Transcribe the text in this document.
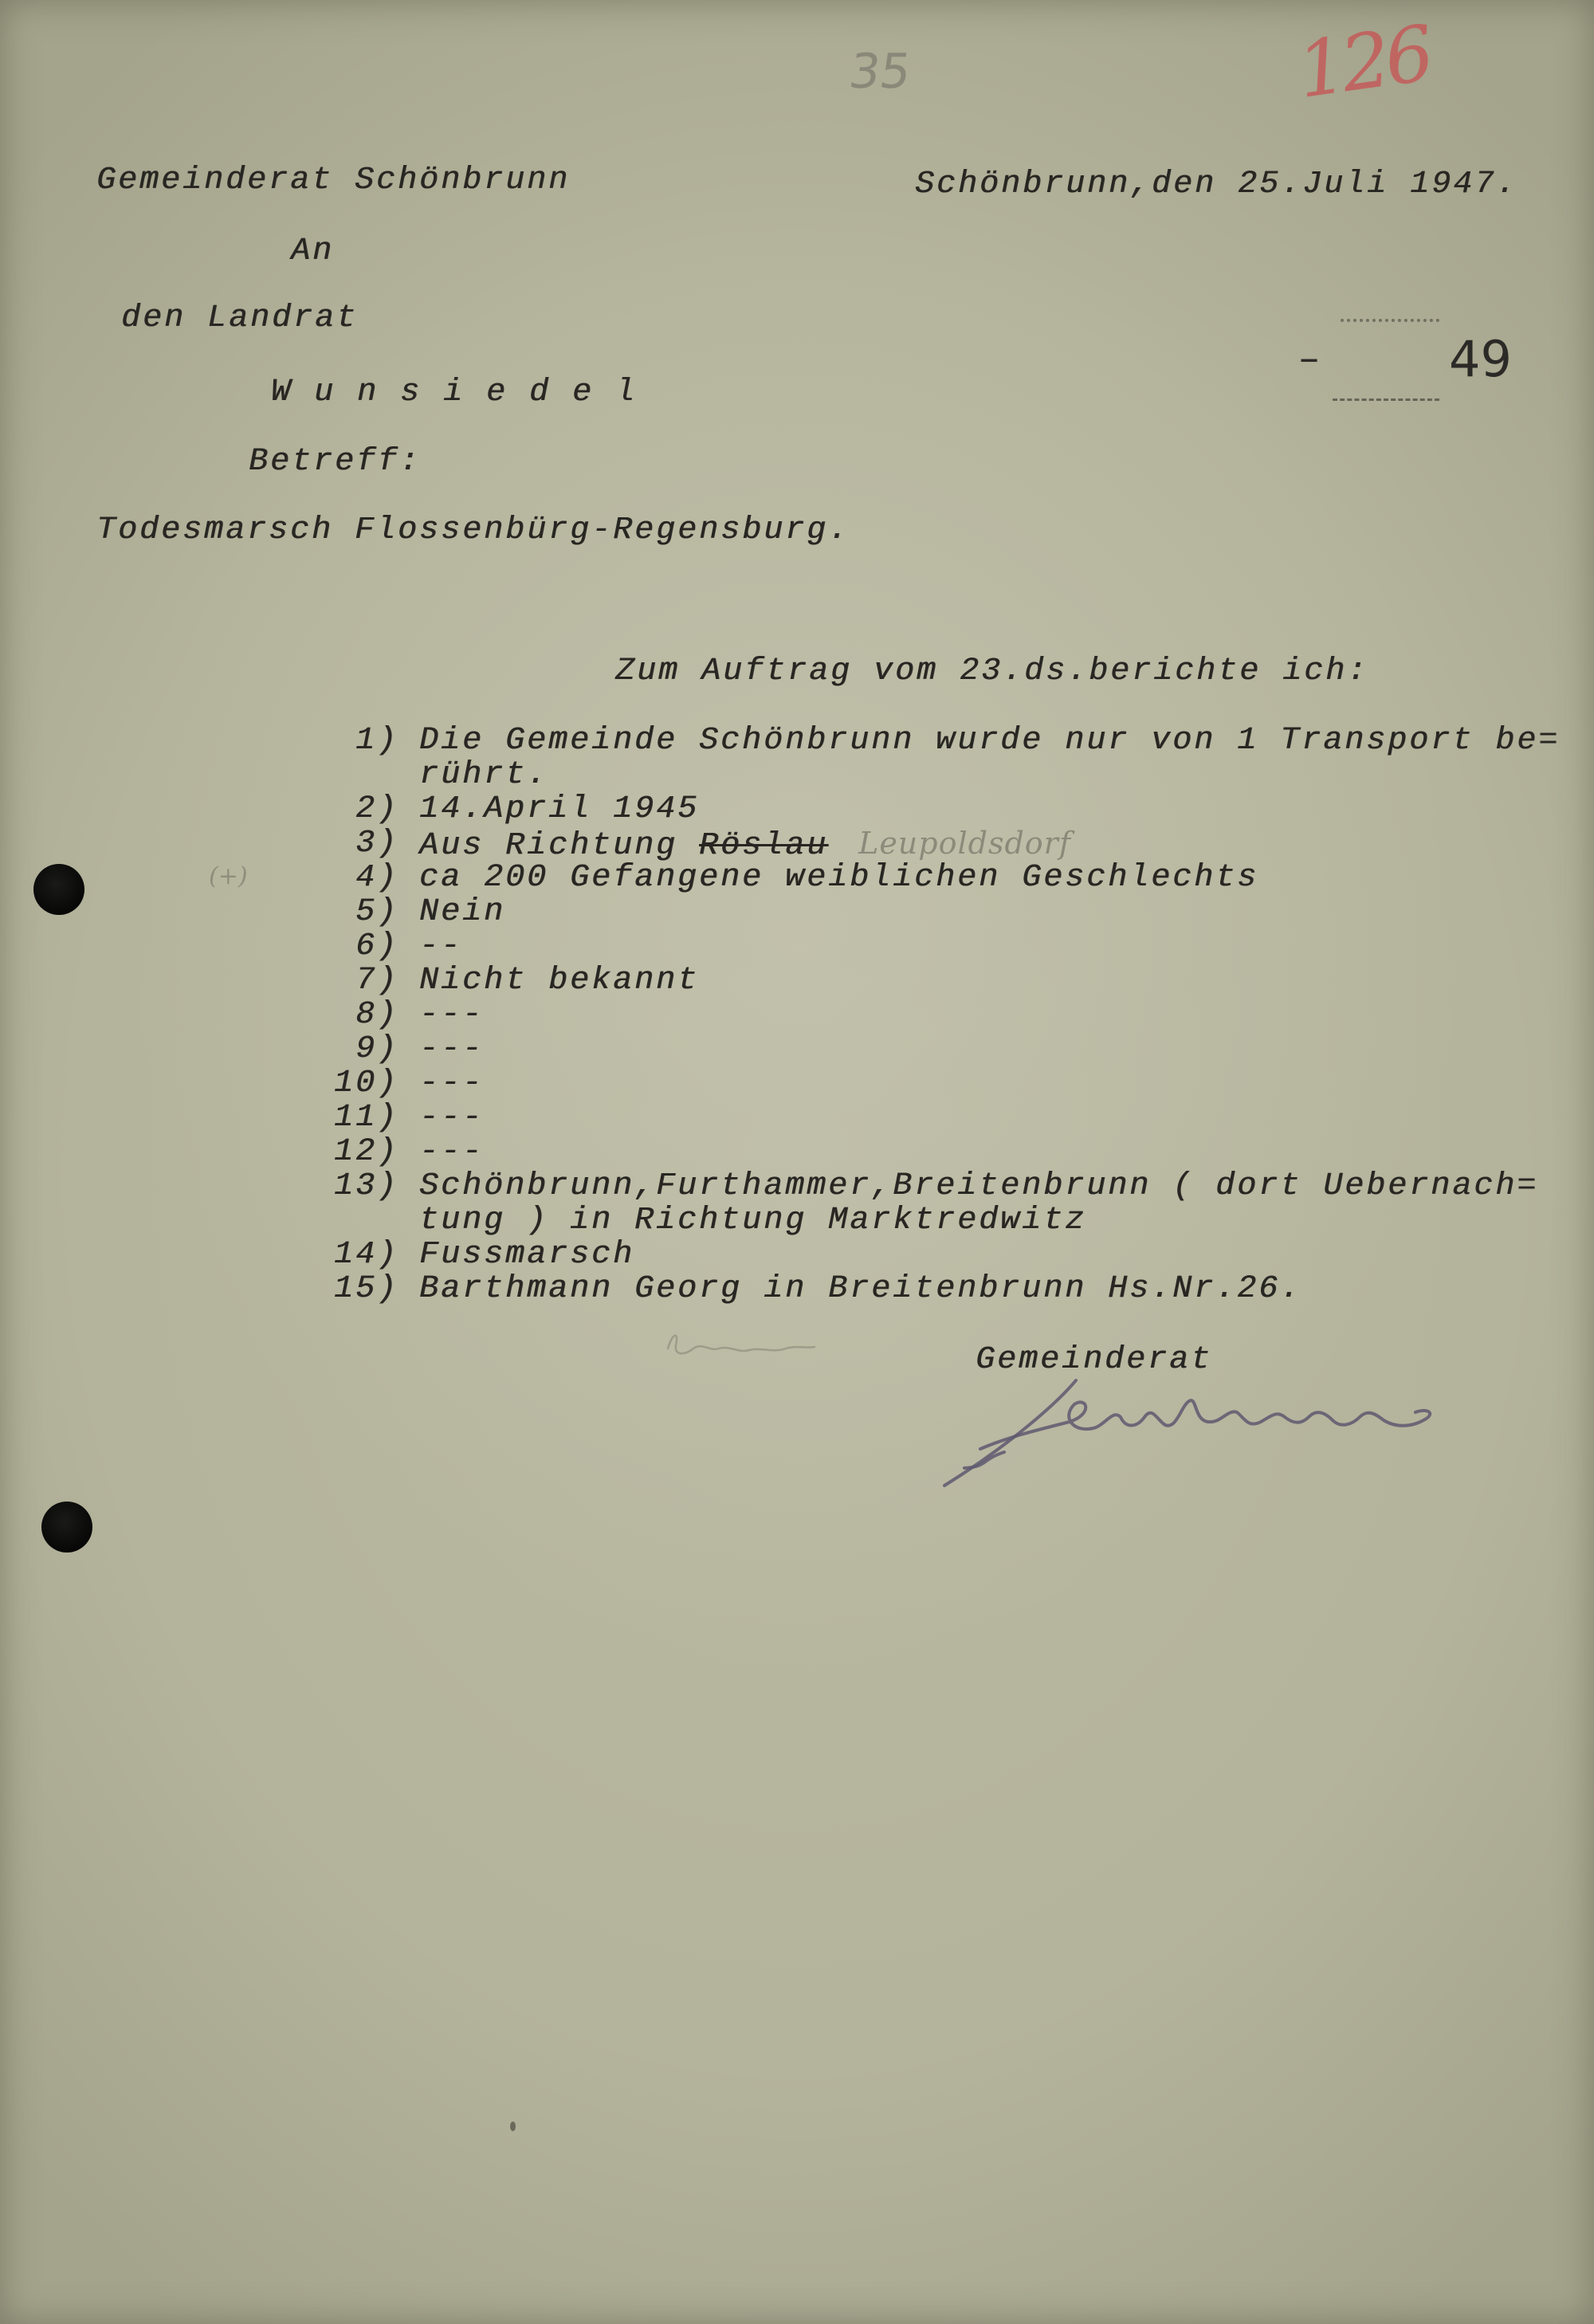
35	126
–	49
Gemeinderat Schönbrunn	Schönbrunn,den 25.Juli 1947.
An
den Landrat
W u n s i e d e l
Betreff:
Todesmarsch Flossenbürg-Regensburg.
Zum Auftrag vom 23.ds.berichte ich:
1) Die Gemeinde Schönbrunn wurde nur von 1 Transport be=
rührt.
2) 14.April 1945
3) Aus Richtung Röslau Leupoldsdorf
(+)	4) ca 200 Gefangene weiblichen Geschlechts
5) Nein
6) --
7) Nicht bekannt
8) ---
9) ---
10) ---
11) ---
12) ---
13) Schönbrunn,Furthammer,Breitenbrunn ( dort Uebernach=
tung ) in Richtung Marktredwitz
14) Fussmarsch
15) Barthmann Georg in Breitenbrunn Hs.Nr.26.
Gemeinderat
